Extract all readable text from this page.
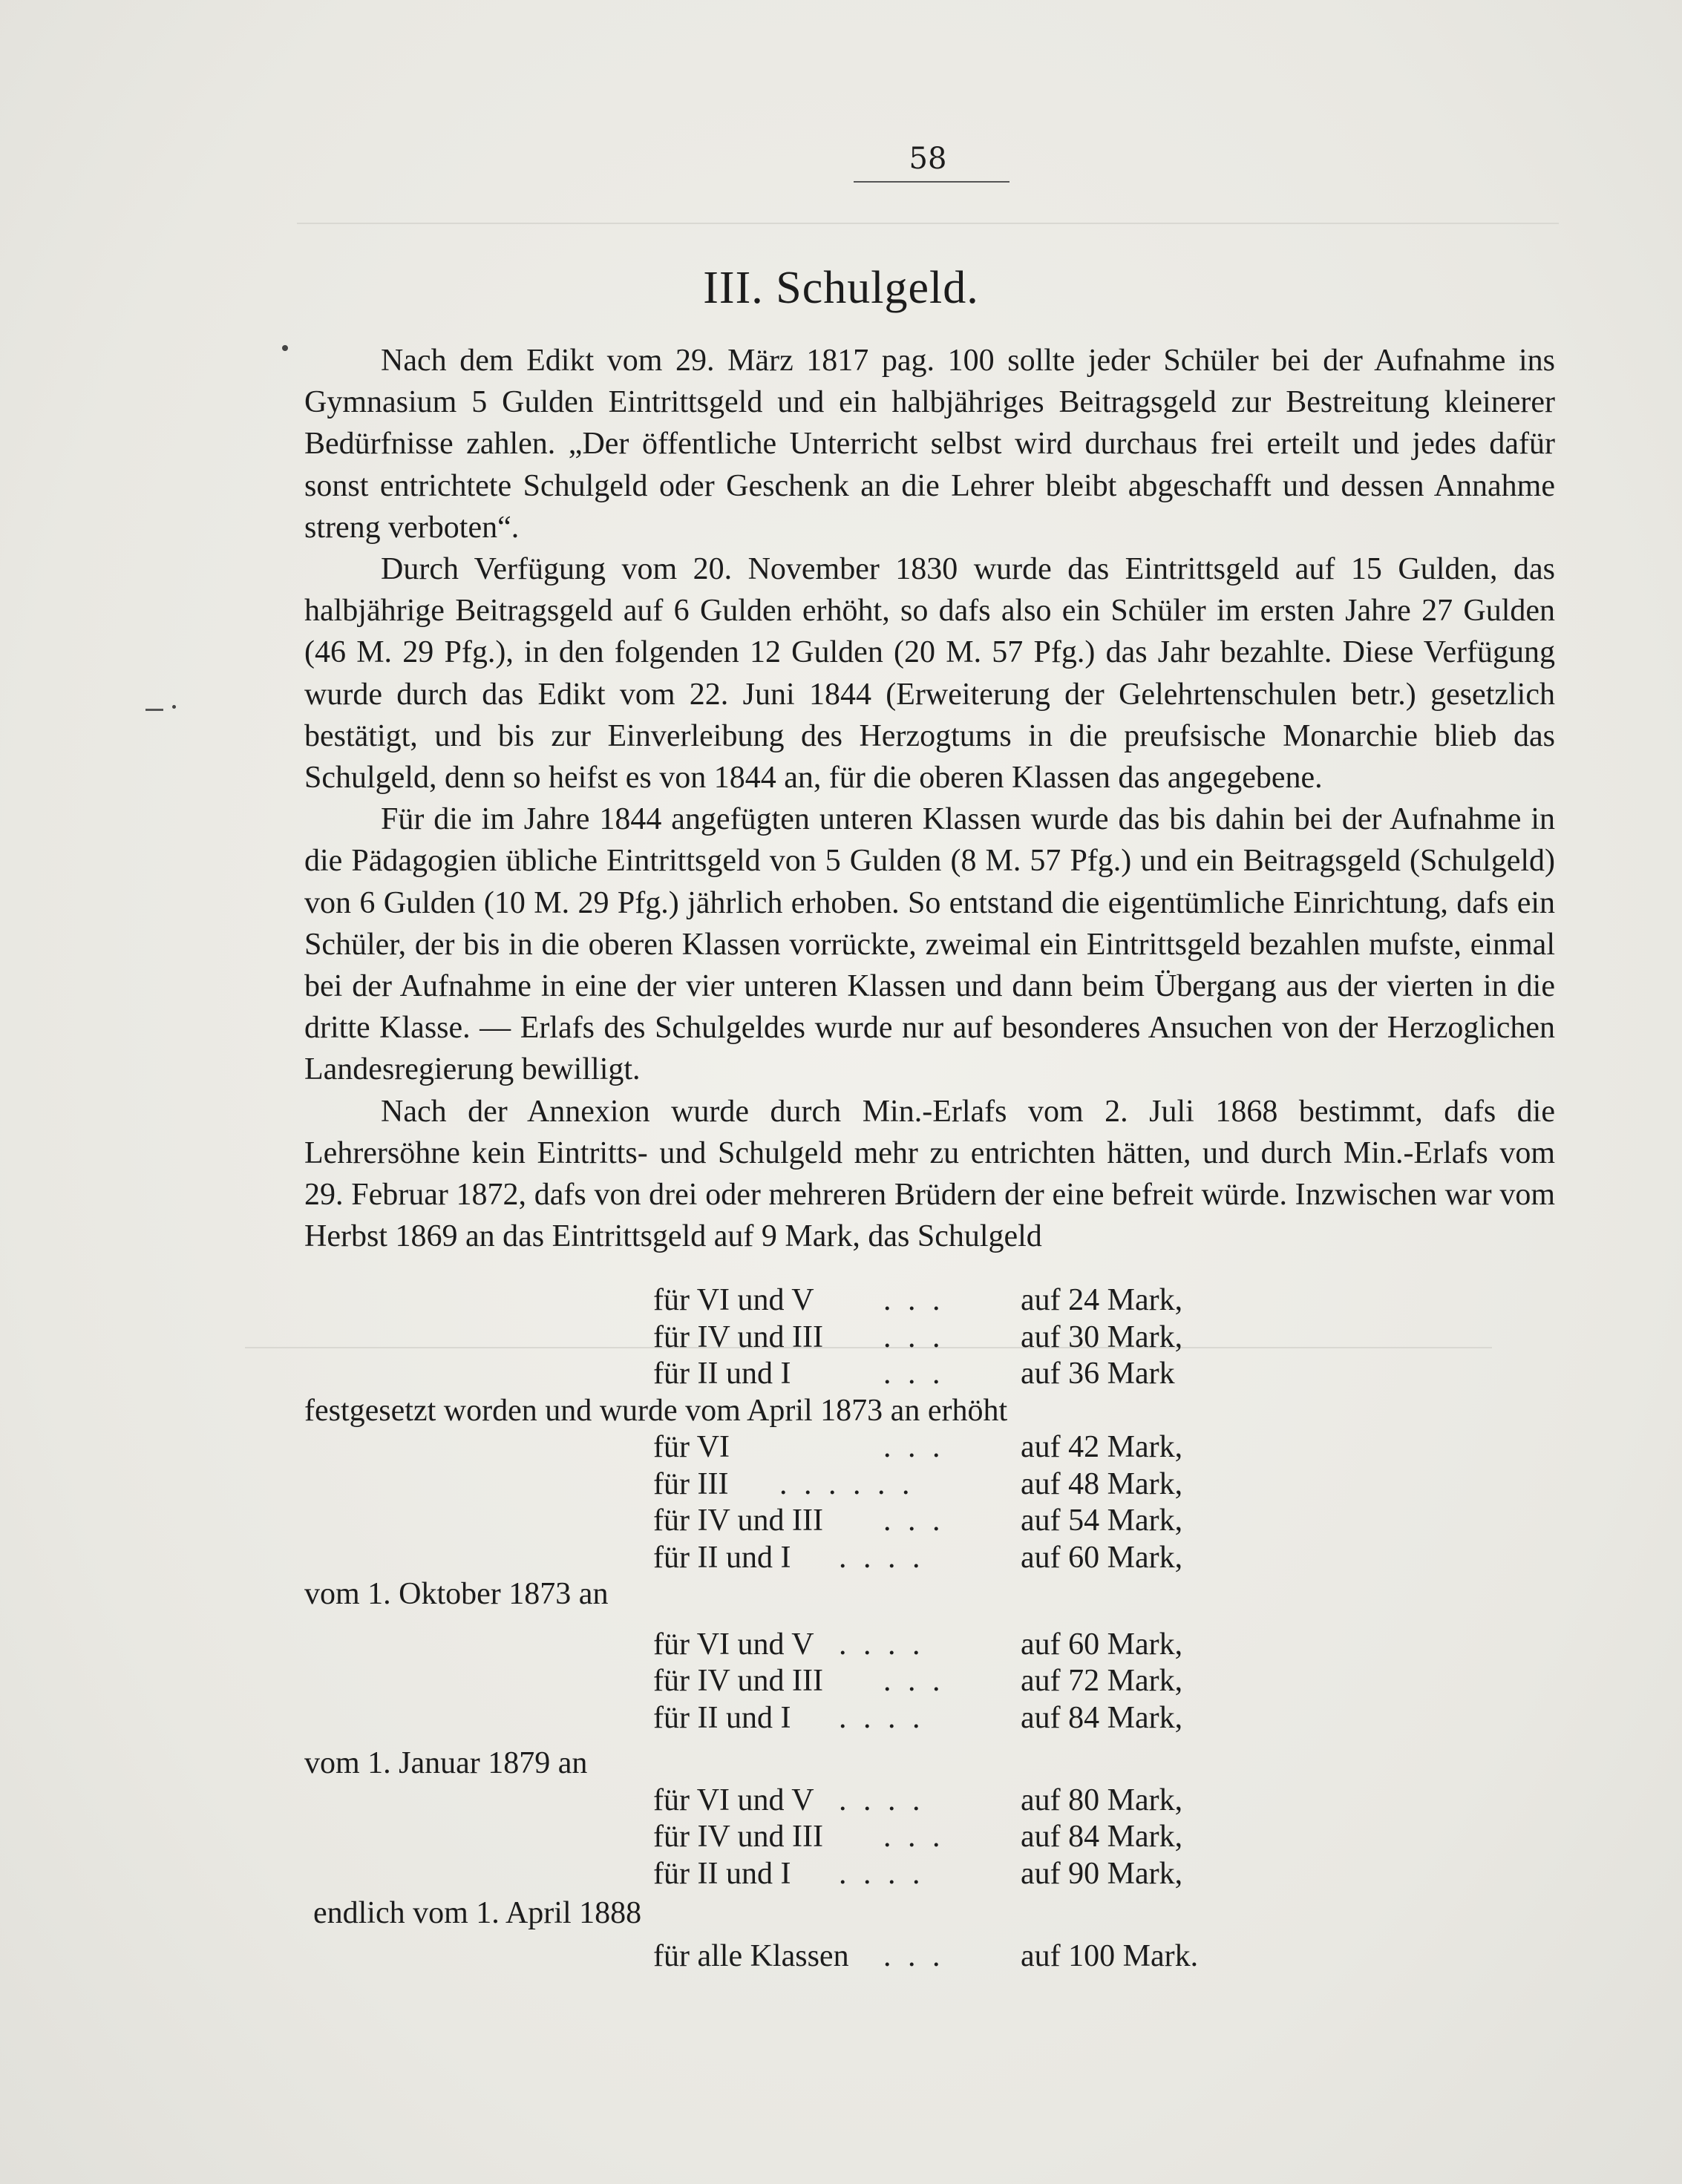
58
III. Schulgeld.

Nach dem Edikt vom 29. März 1817 pag. 100 sollte jeder Schüler bei der Aufnahme ins Gymnasium 5 Gulden Eintrittsgeld und ein halbjähriges Beitragsgeld zur Bestreitung kleinerer Bedürfnisse zahlen. „Der öffentliche Unterricht selbst wird durchaus frei erteilt und jedes dafür sonst entrichtete Schulgeld oder Geschenk an die Lehrer bleibt abgeschafft und dessen Annahme streng verboten“.

Durch Verfügung vom 20. November 1830 wurde das Eintrittsgeld auf 15 Gulden, das halbjährige Beitragsgeld auf 6 Gulden erhöht, so dafs also ein Schüler im ersten Jahre 27 Gulden (46 M. 29 Pfg.), in den folgenden 12 Gulden (20 M. 57 Pfg.) das Jahr bezahlte. Diese Verfügung wurde durch das Edikt vom 22. Juni 1844 (Erweiterung der Gelehrtenschulen betr.) gesetzlich bestätigt, und bis zur Einverleibung des Herzogtums in die preufsische Monarchie blieb das Schulgeld, denn so heifst es von 1844 an, für die oberen Klassen das angegebene.

Für die im Jahre 1844 angefügten unteren Klassen wurde das bis dahin bei der Aufnahme in die Pädagogien übliche Eintrittsgeld von 5 Gulden (8 M. 57 Pfg.) und ein Beitragsgeld (Schulgeld) von 6 Gulden (10 M. 29 Pfg.) jährlich erhoben. So entstand die eigentümliche Einrichtung, dafs ein Schüler, der bis in die oberen Klassen vorrückte, zweimal ein Eintrittsgeld bezahlen mufste, einmal bei der Aufnahme in eine der vier unteren Klassen und dann beim Übergang aus der vierten in die dritte Klasse. — Erlafs des Schulgeldes wurde nur auf besonderes Ansuchen von der Herzoglichen Landesregierung bewilligt.

Nach der Annexion wurde durch Min.-Erlafs vom 2. Juli 1868 bestimmt, dafs die Lehrersöhne kein Eintritts- und Schulgeld mehr zu entrichten hätten, und durch Min.-Erlafs vom 29. Februar 1872, dafs von drei oder mehreren Brüdern der eine befreit würde. Inzwischen war vom Herbst 1869 an das Eintrittsgeld auf 9 Mark, das Schulgeld

für VI und V . . . auf 24 Mark,
für IV und III . . . auf 30 Mark,
für II und I	. . . auf 36 Mark
festgesetzt worden und wurde vom April 1873 an erhöht
für VI	. . . auf 42 Mark,
für III . . . . . .	auf 48 Mark,
für IV und III . . . auf 54 Mark,
für II und I . . . .	auf 60 Mark,
vom 1. Oktober 1873 an
für VI und V . . . .	auf 60 Mark,
für IV und III . . . auf 72 Mark,
für II und I . . . .	auf 84 Mark,
vom 1. Januar 1879 an
für VI und V . . . .	auf 80 Mark,
für IV und III . . . auf 84 Mark,
für II und I . . . .	auf 90 Mark,
endlich vom 1. April 1888
für alle Klassen . . . auf 100 Mark.
